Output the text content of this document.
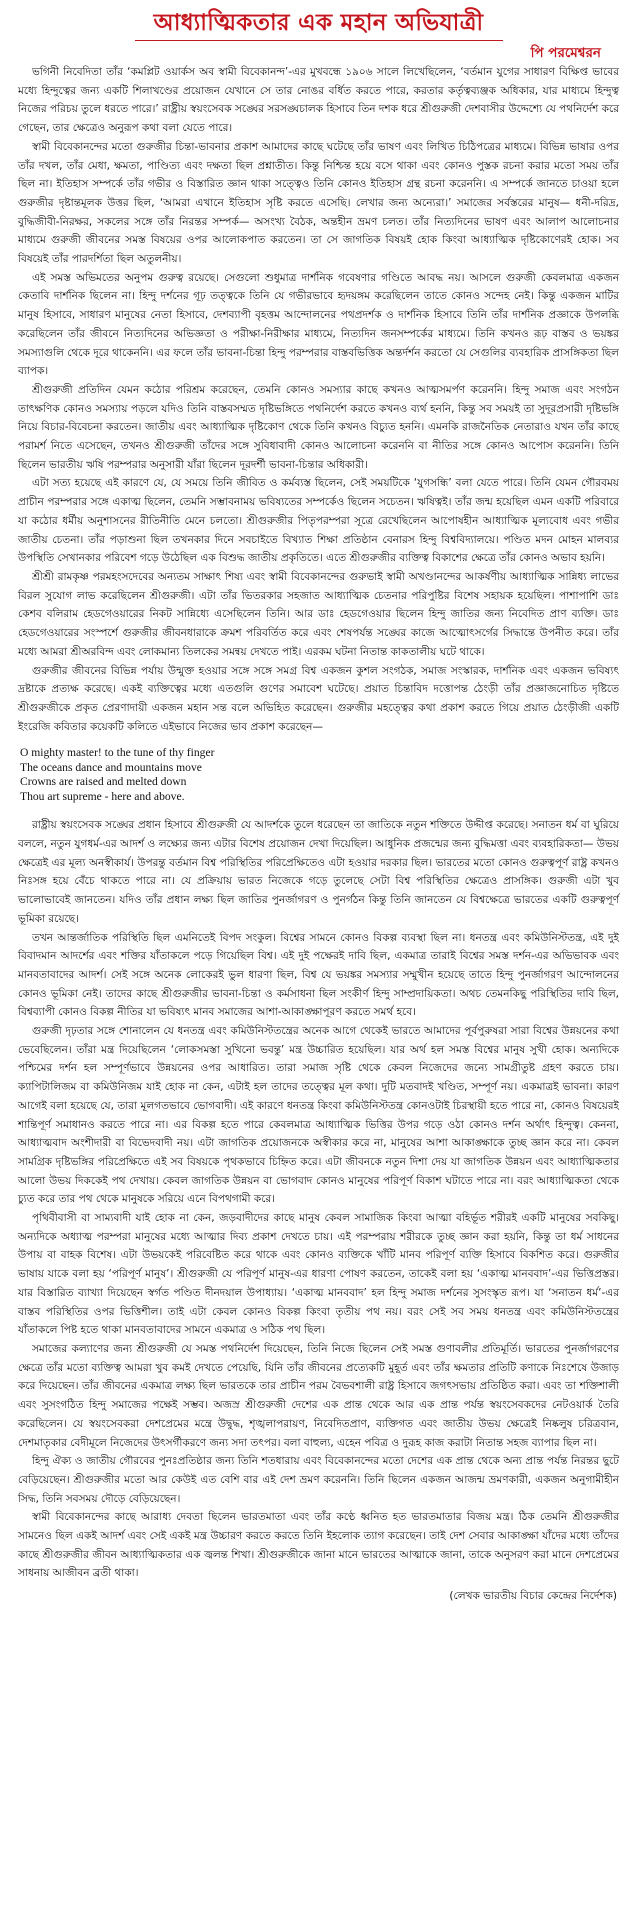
আধ্যাত্মিকতার এক মহান অভিযাত্রী
পি পরমেশ্বরন

ভগিনী নিবেদিতা তাঁর ‘কমপ্লিট ওয়ার্কস অব স্বামী বিবেকানন্দ’-এর মুখবন্ধে ১৯০৬ সালে লিখেছিলেন, ‘বর্তমান যুগের সাধারণ বিক্ষিপ্ত ভাবের মধ্যে হিন্দুত্বের জন্য একটি শিলাখণ্ডের প্রয়োজন যেখানে সে তার নোঙর বর্ধিত করতে পারে, করতার কর্তৃত্বব্যঞ্জক অধিকার, যার মাধ্যমে হিন্দুত্ব নিজের পরিচয় তুলে ধরতে পারে।’ রাষ্ট্রীয় স্বয়ংসেবক সঙ্ঘের সরসঙ্ঘচালক হিসাবে তিন দশক ধরে শ্রীগুরুজী দেশবাসীর উদ্দেশ্যে যে পথনির্দেশ করে গেছেন, তার ক্ষেত্রেও অনুরূপ কথা বলা যেতে পারে।

স্বামী বিবেকানন্দের মতো গুরুজীর চিন্তা-ভাবনার প্রকাশ আমাদের কাছে ঘটেছে তাঁর ভাষণ এবং লিখিত চিঠিপত্রের মাধ্যমে। বিভিন্ন ভাষার ওপর তাঁর দখল, তাঁর মেধা, ক্ষমতা, পাণ্ডিত্য এবং দক্ষতা ছিল প্রশ্নাতীত। কিন্তু নিশ্চিন্ত হয়ে বসে থাকা এবং কোনও পুস্তক রচনা করার মতো সময় তাঁর ছিল না। ইতিহাস সম্পর্কে তাঁর গভীর ও বিস্তারিত জ্ঞান থাকা সত্ত্বেও তিনি কোনও ইতিহাস গ্রন্থ রচনা করেননি। এ সম্পর্কে জানতে চাওয়া হলে গুরুজীর দৃষ্টান্তমূলক উত্তর ছিল, ‘আমরা এখানে ইতিহাস সৃষ্টি করতে এসেছি। লেখার জন্য অন্যেরা।’ সমাজের সর্বস্তরের মানুষ— ধনী-দরিদ্র, বুদ্ধিজীবী-নিরক্ষর, সকলের সঙ্গে তাঁর নিরন্তর সম্পর্ক— অসংখ্য বৈঠক, অন্তহীন ভ্রমণ চলত। তাঁর নিত্যদিনের ভাষণ এবং আলাপ আলোচনার মাধ্যমে গুরুজী জীবনের সমস্ত বিষয়ের ওপর আলোকপাত করতেন। তা সে জাগতিক বিষয়ই হোক কিংবা আধ্যাত্মিক দৃষ্টিকোণেরই হোক। সব বিষয়েই তাঁর পারদর্শিতা ছিল অতুলনীয়।

এই সমস্ত অভিমতের অনুপম গুরুত্ব রয়েছে। সেগুলো শুধুমাত্র দার্শনিক গবেষণার গণ্ডিতে আবদ্ধ নয়। আসলে গুরুজী কেবলমাত্র একজন কেতাবি দার্শনিক ছিলেন না। হিন্দু দর্শনের গূঢ় তত্ত্বকে তিনি যে গভীরভাবে হৃদয়ঙ্গম করেছিলেন তাতে কোনও সন্দেহ নেই। কিন্তু একজন মাটির মানুষ হিসাবে, সাধারণ মানুষের নেতা হিসাবে, দেশব্যাপী বৃহত্তম আন্দোলনের পথপ্রদর্শক ও দার্শনিক হিসাবে তিনি তাঁর দার্শনিক প্রজ্ঞাকে উপলব্ধি করেছিলেন তাঁর জীবনে নিত্যদিনের অভিজ্ঞতা ও পরীক্ষা-নিরীক্ষার মাধ্যমে, নিত্যদিন জনসম্পর্কের মাধ্যমে। তিনি কখনও রূঢ় বাস্তব ও ভয়ঙ্কর সমস্যাগুলি থেকে দূরে থাকেননি। এর ফলে তাঁর ভাবনা-চিন্তা হিন্দু পরম্পরার বাস্তবভিত্তিক অন্তর্দর্শন করতো যে সেগুলির ব্যবহারিক প্রাসঙ্গিকতা ছিল ব্যাপক।

শ্রীগুরুজী প্রতিদিন যেমন কঠোর পরিশ্রম করেছেন, তেমনি কোনও সমস্যার কাছে কখনও আত্মসমর্পণ করেননি। হিন্দু সমাজ এবং সংগঠন তাৎক্ষণিক কোনও সমস্যায় পড়লে যদিও তিনি বাস্তবসম্মত দৃষ্টিভঙ্গিতে পথনির্দেশ করতে কখনও ব্যর্থ হননি, কিন্তু সব সময়ই তা সুদূরপ্রসারী দৃষ্টিভঙ্গি নিয়ে বিচার-বিবেচনা করতেন। জাতীয় এবং আধ্যাত্মিক দৃষ্টিকোণ থেকে তিনি কখনও বিচ্যুত হননি। এমনকি রাজনৈতিক নেতারাও যখন তাঁর কাছে পরামর্শ নিতে এসেছেন, তখনও শ্রীগুরুজী তাঁদের সঙ্গে সুবিধাবাদী কোনও আলোচনা করেননি বা নীতির সঙ্গে কোনও আপোস করেননি। তিনি ছিলেন ভারতীয় ঋষি পরম্পরার অনুসারী যাঁরা ছিলেন দূরদর্শী ভাবনা-চিন্তার অধিকারী।

এটা সত্য হয়েছে এই কারণে যে, যে সময়ে তিনি জীবিত ও কর্মব্যস্ত ছিলেন, সেই সময়টিকে ‘যুগসন্ধি’ বলা যেতে পারে। তিনি যেমন গৌরবময় প্রাচীন পরম্পরার সঙ্গে একাত্ম ছিলেন, তেমনি সম্ভাবনাময় ভবিষ্যতের সম্পর্কেও ছিলেন সচেতন। ঋষিত্বই। তাঁর জন্ম হয়েছিল এমন একটি পরিবারে যা কঠোর ধর্মীয় অনুশাসনের রীতিনীতি মেনে চলতো। শ্রীগুরুজীর পিতৃপরম্পরা সূত্রে রেখেছিলেন আপোষহীন আধ্যাত্মিক মূল্যবোধ এবং গভীর জাতীয় চেতনা। তাঁর পড়াশুনা ছিল তখনকার দিনে সবচাইতে বিখ্যাত শিক্ষা প্রতিষ্ঠান বেনারস হিন্দু বিশ্ববিদ্যালয়ে। পণ্ডিত মদন মোহন মালব্যর উপস্থিতি সেখানকার পরিবেশ গড়ে উঠেছিল এক বিশুদ্ধ জাতীয় প্রকৃতিতে। এতে শ্রীগুরুজীর ব্যক্তিত্ব বিকাশের ক্ষেত্রে তাঁর কোনও অভাব হয়নি।

শ্রীশ্রী রামকৃষ্ণ পরমহংসদেবের অন্যতম সাক্ষাৎ শিষ্য এবং স্বামী বিবেকানন্দের গুরুভাই স্বামী অখণ্ডানন্দের আকর্ষণীয় আধ্যাত্মিক সান্নিধ্য লাভের বিরল সুযোগ লাভ করেছিলেন শ্রীগুরুজী। এটা তাঁর ভিতরকার সহজাত আধ্যাত্মিক চেতনার পরিপুষ্টির বিশেষ সহায়ক হয়েছিল। পাশাপাশি ডাঃ কেশব বলিরাম হেডগেওয়ারের নিকট সান্নিধ্যে এসেছিলেন তিনি। আর ডাঃ হেডগেওয়ার ছিলেন হিন্দু জাতির জন্য নিবেদিত প্রাণ ব্যক্তি। ডাঃ হেডগেওয়ারের সংস্পর্শে গুরুজীর জীবনধারাকে ক্রমশ পরিবর্তিত করে এবং শেষপর্যন্ত সঙ্ঘের কাজে আত্মোৎসর্গের সিদ্ধান্তে উপনীত করে। তাঁর মধ্যে আমরা শ্রীঅরবিন্দ এবং লোকমান্য তিলকের সমন্বয় দেখতে পাই। এরকম ঘটনা নিতান্ত কাকতালীয় ঘটে থাকে।

গুরুজীর জীবনের বিভিন্ন পর্যায় উন্মুক্ত হওয়ার সঙ্গে সঙ্গে সমগ্র বিশ্ব একজন কুশল সংগঠক, সমাজ সংস্কারক, দার্শনিক এবং একজন ভবিষ্যৎ দ্রষ্টাকে প্রত্যক্ষ করেছে। একই ব্যক্তিত্বের মধ্যে এতগুলি গুণের সমাবেশ ঘটেছে। প্রয়াত চিন্তাবিদ দত্তোপন্ত ঠেংড়ী তাঁর প্রজ্ঞাজনোচিত দৃষ্টিতে শ্রীগুরুজীকে প্রকৃত প্রেরণাদায়ী একজন মহান সন্ত বলে অভিহিত করেছেন। গুরুজীর মহত্ত্বের কথা প্রকাশ করতে গিয়ে প্রয়াত ঠেংড়ীজী একটি ইংরেজি কবিতার কয়েকটি কলিতে এইভাবে নিজের ভাব প্রকাশ করেছেন—

O mighty master! to the tune of thy finger
The oceans dance and mountains move
Crowns are raised and melted down
Thou art supreme - here and above.

রাষ্ট্রীয় স্বয়ংসেবক সঙ্ঘের প্রধান হিসাবে শ্রীগুরুজী যে আদর্শকে তুলে ধরেছেন তা জাতিকে নতুন শক্তিতে উদ্দীপ্ত করেছে। সনাতন ধর্ম বা ঘুরিয়ে বললে, নতুন যুগধর্ম-এর আদর্শ ও লক্ষ্যের জন্য এটার বিশেষ প্রয়োজন দেখা দিয়েছিল। আধুনিক প্রজন্মের জন্য বুদ্ধিমত্তা এবং ব্যবহারিকতা— উভয় ক্ষেত্রেই এর মূল্য অনস্বীকার্য। উপরন্তু বর্তমান বিশ্ব পরিস্থিতির পরিপ্রেক্ষিতেও এটা হওয়ার দরকার ছিল। ভারতের মতো কোনও গুরুত্বপূর্ণ রাষ্ট্র কখনও নিঃসঙ্গ হয়ে বেঁচে থাকতে পারে না। যে প্রক্রিয়ায় ভারত নিজেকে গড়ে তুলেছে সেটা বিশ্ব পরিস্থিতির ক্ষেত্রেও প্রাসঙ্গিক। গুরুজী এটা খুব ভালোভাবেই জানতেন। যদিও তাঁর প্রধান লক্ষ্য ছিল জাতির পুনর্জাগরণ ও পুনর্গঠন কিন্তু তিনি জানতেন যে বিশ্বক্ষেত্রে ভারতের একটি গুরুত্বপূর্ণ ভূমিকা রয়েছে।

তখন আন্তর্জাতিক পরিস্থিতি ছিল এমনিতেই বিপদ সংকুল। বিশ্বের সামনে কোনও বিকল্প ব্যবস্থা ছিল না। ধনতন্ত্র এবং কমিউনিস্টতন্ত্র, এই দুই বিবাদমান আদর্শের এবং শক্তির যাঁতাকলে পড়ে গিয়েছিল বিশ্ব। এই দুই পক্ষেরই দাবি ছিল, একমাত্র তারাই বিশ্বের সমস্ত দর্শন-এর অভিভাবক এবং মানবতাবাদের আদর্শ। সেই সঙ্গে অনেক লোকেরই ভুল ধারণা ছিল, বিশ্ব যে ভয়ঙ্কর সমস্যার সম্মুখীন হয়েছে তাতে হিন্দু পুনর্জাগরণ আন্দোলনের কোনও ভূমিকা নেই। তাদের কাছে শ্রীগুরুজীর ভাবনা-চিন্তা ও কর্মসাধনা ছিল সংকীর্ণ হিন্দু সাম্প্রদায়িকতা। অথচ তেমনকিছু পরিস্থিতির দাবি ছিল, বিশ্বব্যাপী কোনও বিকল্প নীতির যা ভবিষ্যৎ মানব সমাজের আশা-আকাঙ্ক্ষাপূরণ করতে সমর্থ হবে।

গুরুজী দৃঢ়তার সঙ্গে শোনালেন যে ধনতন্ত্র এবং কমিউনিস্টতন্ত্রের অনেক আগে থেকেই ভারতে আমাদের পূর্বপুরুষরা সারা বিশ্বের উন্নয়নের কথা ভেবেছিলেন। তাঁরা মন্ত্র দিয়েছিলেন ‘লোকসমস্তা সুখিনো ভবন্তু’ মন্ত্র উচ্চারিত হয়েছিল। যার অর্থ হল সমস্ত বিশ্বের মানুষ সুখী হোক। অন্যদিকে পশ্চিমের দর্শন হল সম্পূর্ণভাবে উন্নয়নের ওপর আধারিত। তারা সমাজ সৃষ্টি থেকে কেবল নিজেদের জন্যে সামগ্রীতুষ্ট গ্রহণ করতে চায়। ক্যাপিটালিজম বা কমিউনিজম যাই হোক না কেন, এটাই হল তাদের তত্ত্বের মূল কথা। দুটি মতবাদই খণ্ডিত, সম্পূর্ণ নয়। একমাত্রই ভাবনা। কারণ আগেই বলা হয়েছে যে, তারা মূলগতভাবে ভোগবাদী। এই কারণে ধনতন্ত্র কিংবা কমিউনিস্টতন্ত্র কোনওটাই চিরস্থায়ী হতে পারে না, কোনও বিষয়েরই শান্তিপূর্ণ সমাধানও করতে পারে না। এর বিকল্প হতে পারে কেবলমাত্র আধ্যাত্মিক ভিত্তির উপর গড়ে ওঠা কোনও দর্শন অর্থাৎ হিন্দুত্ব। কেননা, আধ্যাত্মবাদ অংশীদারী বা বিভেদবাদী নয়। এটা জাগতিক প্রয়োজনকে অস্বীকার করে না, মানুষের আশা আকাঙ্ক্ষাকে তুচ্ছ জ্ঞান করে না। কেবল সামগ্রিক দৃষ্টিভঙ্গির পরিপ্রেক্ষিতে এই সব বিষয়কে পৃথকভাবে চিহ্নিত করে। এটা জীবনকে নতুন দিশা দেয় যা জাগতিক উন্নয়ন এবং আধ্যাত্মিকতার আলো উভয় দিককেই পথ দেখায়। কেবল জাগতিক উন্নয়ন বা ভোগবাদ কোনও মানুষের পরিপূর্ণ বিকাশ ঘটাতে পারে না। বরং আধ্যাত্মিকতা থেকে চ্যুত করে তার পথ থেকে মানুষকে সরিয়ে এনে বিপথগামী করে।

পৃথিবীবাসী বা সাম্যবাদী যাই হোক না কেন, জড়বাদীদের কাছে মানুষ কেবল সামাজিক কিংবা আত্মা বহির্ভূত শরীরই একটি মানুষের সবকিছু। অন্যদিকে অধ্যাত্ম পরম্পরা মানুষের মধ্যে আত্মার দিব্য প্রকাশ দেখতে চায়। এই পরম্পরায় শরীরকে তুচ্ছ জ্ঞান করা হয়নি, কিন্তু তা ধর্ম সাধনের উপায় বা বাহক বিশেষ। এটা উভয়কেই পরিবেষ্টিত করে থাকে এবং কোনও ব্যক্তিকে খাঁটি মানব পরিপূর্ণ ব্যক্তি হিসাবে বিকশিত করে। গুরুজীর ভাষায় যাকে বলা হয় ‘পরিপূর্ণ মানুষ’। শ্রীগুরুজী যে পরিপূর্ণ মানুষ-এর ধারণা পোষণ করতেন, তাকেই বলা হয় ‘একাত্ম মানববাদ’-এর ভিত্তিপ্রস্তর। যার বিস্তারিত ব্যাখ্যা দিয়েছেন স্বর্গত পণ্ডিত দীনদয়াল উপাধ্যায়। ‘একাত্ম মানববাদ’ হল হিন্দু সমাজ দর্শনের সুসংস্কৃত রূপ। যা ‘সনাতন ধর্ম’-এর বাস্তব পরিস্থিতির ওপর ভিত্তিশীল। তাই এটা কেবল কোনও বিকল্প কিংবা তৃতীয় পথ নয়। বরং সেই সব সময় ধনতন্ত্র এবং কমিউনিস্টতন্ত্রের যাঁতাকলে পিষ্ট হতে থাকা মানবতাবাদের সামনে একমাত্র ও সঠিক পথ ছিল।

সমাজের কল্যাণের জন্য শ্রীগুরুজী যে সমস্ত পথনির্দেশ দিয়েছেন, তিনি নিজে ছিলেন সেই সমস্ত গুণাবলীর প্রতিমূর্তি। ভারতের পুনর্জাগরণের ক্ষেত্রে তাঁর মতো ব্যক্তিত্ব আমরা খুব কমই দেখতে পেয়েছি, যিনি তাঁর জীবনের প্রত্যেকটি মুহূর্ত এবং তাঁর ক্ষমতার প্রতিটি কণাকে নিঃশেষে উজাড় করে দিয়েছেন। তাঁর জীবনের একমাত্র লক্ষ্য ছিল ভারতকে তার প্রাচীন পরম বৈভবশালী রাষ্ট্র হিসাবে জগৎসভায় প্রতিষ্ঠিত করা। এবং তা শক্তিশালী এবং সুসংগঠিত হিন্দু সমাজের পক্ষেই সম্ভব। অজস্র শ্রীগুরুজী দেশের এক প্রান্ত থেকে আর এক প্রান্ত পর্যন্ত স্বয়ংসেবকদের নেটওয়ার্ক তৈরি করেছিলেন। যে স্বয়ংসেবকরা দেশপ্রেমের মন্ত্রে উদ্বুদ্ধ, শৃঙ্খলাপরায়ণ, নিবেদিতপ্রাণ, ব্যক্তিগত এবং জাতীয় উভয় ক্ষেত্রেই নিষ্কলুষ চরিত্রবান, দেশমাতৃকার বেদীমূলে নিজেদের উৎসর্গীকরণে জন্য সদা তৎপর। বলা বাহুল্য, এহেন পবিত্র ও দুরূহ কাজ করাটা নিতান্ত সহজ ব্যাপার ছিল না।

হিন্দু ঐক্য ও জাতীয় গৌরবের পুনঃপ্রতিষ্ঠার জন্য তিনি শতধারায় এবং বিবেকানন্দের মতো দেশের এক প্রান্ত থেকে অন্য প্রান্ত পর্যন্ত নিরন্তর ছুটে বেড়িয়েছেন। শ্রীগুরুজীর মতো আর কেউই এত বেশি বার এই দেশ ভ্রমণ করেননি। তিনি ছিলেন একজন আজন্ম ভ্রমণকারী, একজন অনুগামীহীন সিদ্ধ, তিনি সবসময় দৌড়ে বেড়িয়েছেন।

স্বামী বিবেকানন্দের কাছে আরাধ্য দেবতা ছিলেন ভারতমাতা এবং তাঁর কণ্ঠে ধ্বনিত হত ভারতমাতার বিজয় মন্ত্র। ঠিক তেমনি শ্রীগুরুজীর সামনেও ছিল একই আদর্শ এবং সেই একই মন্ত্র উচ্চারণ করতে করতে তিনি ইহলোক ত্যাগ করেছেন। তাই দেশ সেবার আকাঙ্ক্ষা যাঁদের মধ্যে তাঁদের কাছে শ্রীগুরুজীর জীবন আধ্যাত্মিকতার এক জ্বলন্ত শিখা। শ্রীগুরুজীকে জানা মানে ভারতের আত্মাকে জানা, তাকে অনুসরণ করা মানে দেশপ্রেমের সাধনায় আজীবন ব্রতী থাকা।

(লেখক ভারতীয় বিচার কেন্দ্রের নির্দেশক)
